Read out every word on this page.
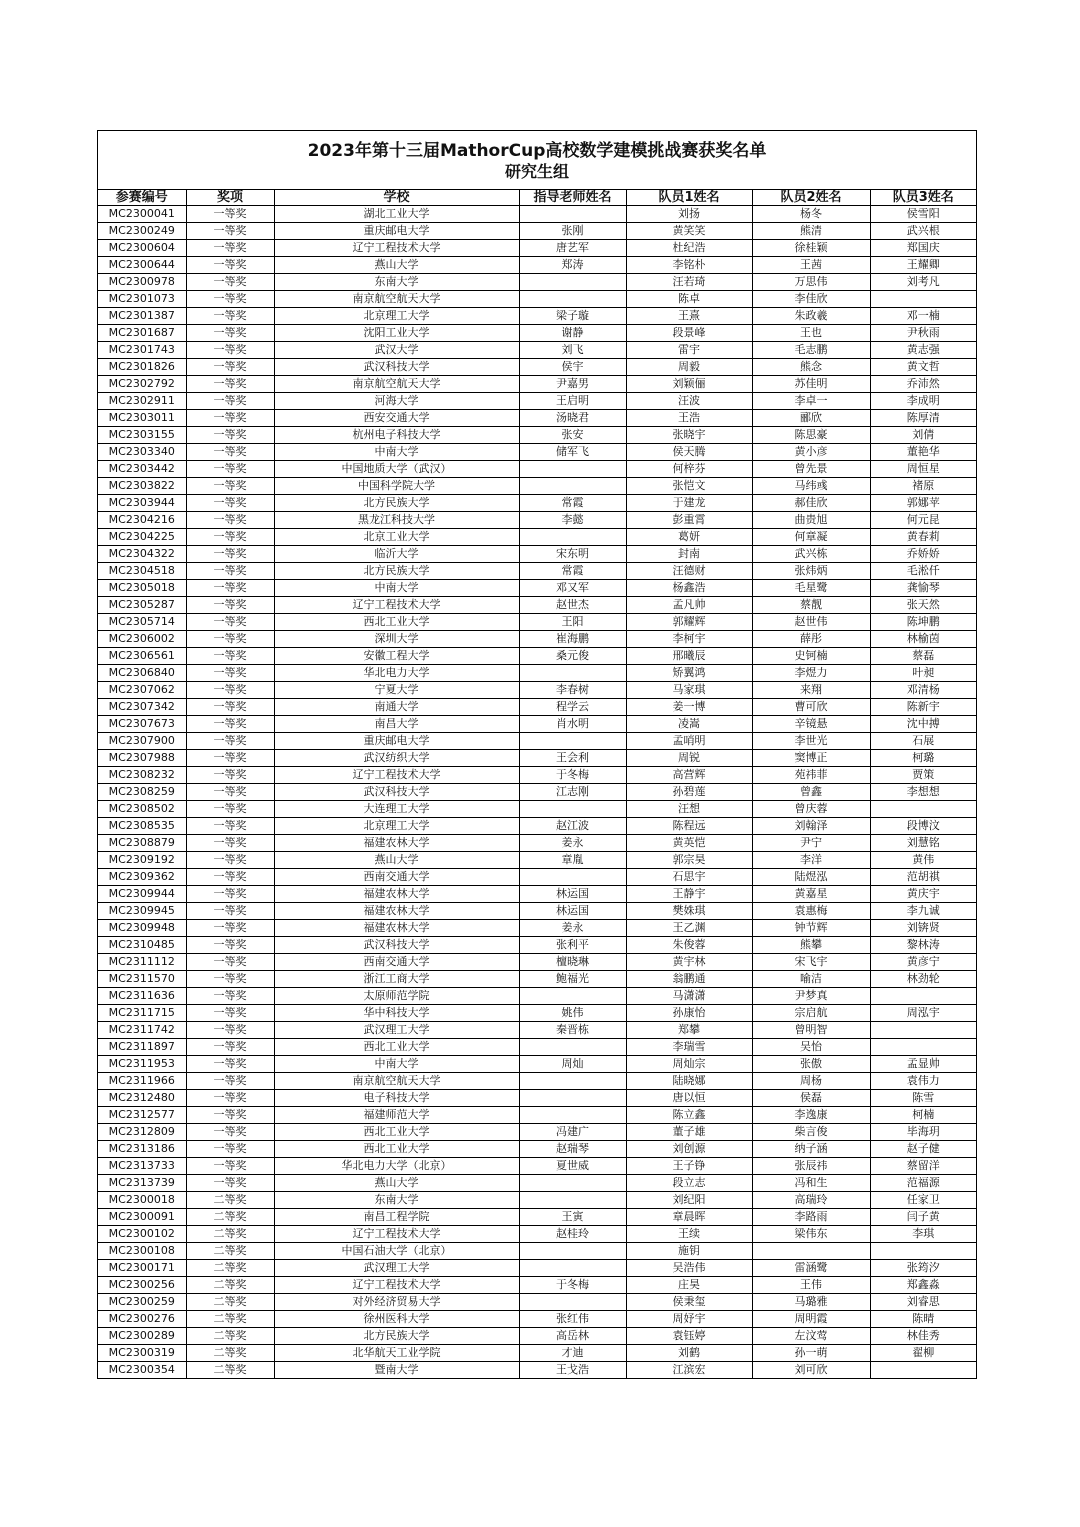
2023年第十三届MathorCup高校数学建模挑战赛获奖名单
研究生组
参赛编号	奖项	学校	指导老师姓名	队员1姓名	队员2姓名	队员3姓名
MC2300041	一等奖	湖北工业大学		刘扬	杨冬	侯雪阳
MC2300249	一等奖	重庆邮电大学	张刚	黄笑笑	熊清	武兴根
MC2300604	一等奖	辽宁工程技术大学	唐艺军	杜纪浩	徐桂颖	郑国庆
MC2300644	一等奖	燕山大学	郑涛	李铭朴	王茜	王耀卿
MC2300978	一等奖	东南大学		汪若琦	万思伟	刘考凡
MC2301073	一等奖	南京航空航天大学		陈卓	李佳欣	
MC2301387	一等奖	北京理工大学	梁子璇	王熹	朱政羲	邓一楠
MC2301687	一等奖	沈阳工业大学	谢静	段景峰	王也	尹秋雨
MC2301743	一等奖	武汉大学	刘飞	雷宇	毛志鹏	黄志强
MC2301826	一等奖	武汉科技大学	侯宇	周毅	熊念	黄文哲
MC2302792	一等奖	南京航空航天大学	尹嘉男	刘颖俪	苏佳明	乔沛然
MC2302911	一等奖	河海大学	王启明	汪波	李卓一	李成明
MC2303011	一等奖	西安交通大学	汤晓君	王浩	郦欣	陈厚清
MC2303155	一等奖	杭州电子科技大学	张安	张晓宇	陈思豪	刘倩
MC2303340	一等奖	中南大学	储军飞	侯天腾	黄小彦	董艳华
MC2303442	一等奖	中国地质大学（武汉）		何梓芬	曾先景	周恒星
MC2303822	一等奖	中国科学院大学		张恺文	马纬彧	褚原
MC2303944	一等奖	北方民族大学	常霞	于建龙	郝佳欣	郭娜苹
MC2304216	一等奖	黑龙江科技大学	李懿	彭重霄	曲贵旭	何元昆
MC2304225	一等奖	北京工业大学		葛妍	何章凝	黄春莉
MC2304322	一等奖	临沂大学	宋东明	封南	武兴栋	乔娇娇
MC2304518	一等奖	北方民族大学	常霞	汪德财	张炜炳	毛淞仟
MC2305018	一等奖	中南大学	邓又军	杨鑫浩	毛星鹭	龚愉琴
MC2305287	一等奖	辽宁工程技术大学	赵世杰	孟凡帅	蔡靓	张天然
MC2305714	一等奖	西北工业大学	王阳	郭耀辉	赵世伟	陈坤鹏
MC2306002	一等奖	深圳大学	崔海鹏	李柯宇	薛彤	林榆茵
MC2306561	一等奖	安徽工程大学	桑元俊	邢曦辰	史钶楠	蔡磊
MC2306840	一等奖	华北电力大学		矫翼鸿	李煜力	叶昶
MC2307062	一等奖	宁夏大学	李春树	马家琪	来翔	邓清杨
MC2307342	一等奖	南通大学	程学云	姜一博	曹可欣	陈新宇
MC2307673	一等奖	南昌大学	肖水明	凌嵩	辛镜悬	沈中搏
MC2307900	一等奖	重庆邮电大学		孟哨明	李世光	石展
MC2307988	一等奖	武汉纺织大学	王会利	周锐	窦博正	柯璐
MC2308232	一等奖	辽宁工程技术大学	于冬梅	高营辉	苑祎菲	贾策
MC2308259	一等奖	武汉科技大学	江志刚	孙碧莲	曾鑫	李想想
MC2308502	一等奖	大连理工大学		汪想	曾庆蓉	
MC2308535	一等奖	北京理工大学	赵江波	陈程远	刘翰泽	段博汶
MC2308879	一等奖	福建农林大学	姜永	黄英恺	尹宁	刘慧铭
MC2309192	一等奖	燕山大学	章胤	郭宗昊	李洋	黄伟
MC2309362	一等奖	西南交通大学		石思宇	陆煜泓	范胡祺
MC2309944	一等奖	福建农林大学	林运国	王静宇	黄嘉星	黄庆宇
MC2309945	一等奖	福建农林大学	林运国	樊姝琪	袁惠梅	李九诚
MC2309948	一等奖	福建农林大学	姜永	王乙渊	钟节辉	刘锛贤
MC2310485	一等奖	武汉科技大学	张利平	朱俊蓉	熊攀	黎林涛
MC2311112	一等奖	西南交通大学	檀晓琳	黄宇林	宋飞宇	黄彦宁
MC2311570	一等奖	浙江工商大学	鲍福光	翁鹏通	喻洁	林劲轮
MC2311636	一等奖	太原师范学院		马潇潇	尹梦真	
MC2311715	一等奖	华中科技大学	姚伟	孙康怡	宗启航	周泓宇
MC2311742	一等奖	武汉理工大学	秦晋栋	郑攀	曾明智	
MC2311897	一等奖	西北工业大学		李瑞雪	吴怡	
MC2311953	一等奖	中南大学	周灿	周灿宗	张傲	孟显帅
MC2311966	一等奖	南京航空航天大学		陆晓娜	周杨	袁伟力
MC2312480	一等奖	电子科技大学		唐以恒	侯磊	陈雪
MC2312577	一等奖	福建师范大学		陈立鑫	李逸康	柯楠
MC2312809	一等奖	西北工业大学	冯建广	董子雄	柴言俊	毕海玥
MC2313186	一等奖	西北工业大学	赵瑞琴	刘创源	纳子涵	赵子健
MC2313733	一等奖	华北电力大学（北京）	夏世威	王子铮	张辰祎	蔡留洋
MC2313739	一等奖	燕山大学		段立志	冯和生	范福源
MC2300018	二等奖	东南大学		刘纪阳	高瑞玲	任家卫
MC2300091	二等奖	南昌工程学院	王寅	章晨晖	李路雨	闫子黄
MC2300102	二等奖	辽宁工程技术大学	赵桂玲	王续	梁伟东	李琪
MC2300108	二等奖	中国石油大学（北京）		施钥		
MC2300171	二等奖	武汉理工大学		吴浩伟	雷涵鹭	张筠汐
MC2300256	二等奖	辽宁工程技术大学	于冬梅	庄昊	王伟	郑鑫淼
MC2300259	二等奖	对外经济贸易大学		侯秉玺	马璐雅	刘睿思
MC2300276	二等奖	徐州医科大学	张红伟	周妤宇	周明霞	陈晴
MC2300289	二等奖	北方民族大学	高岳林	袁钰婷	左汶莺	林佳秀
MC2300319	二等奖	北华航天工业学院	才迪	刘鹤	孙一萌	翟柳
MC2300354	二等奖	暨南大学	王戈浩	江滨宏	刘可欣	
